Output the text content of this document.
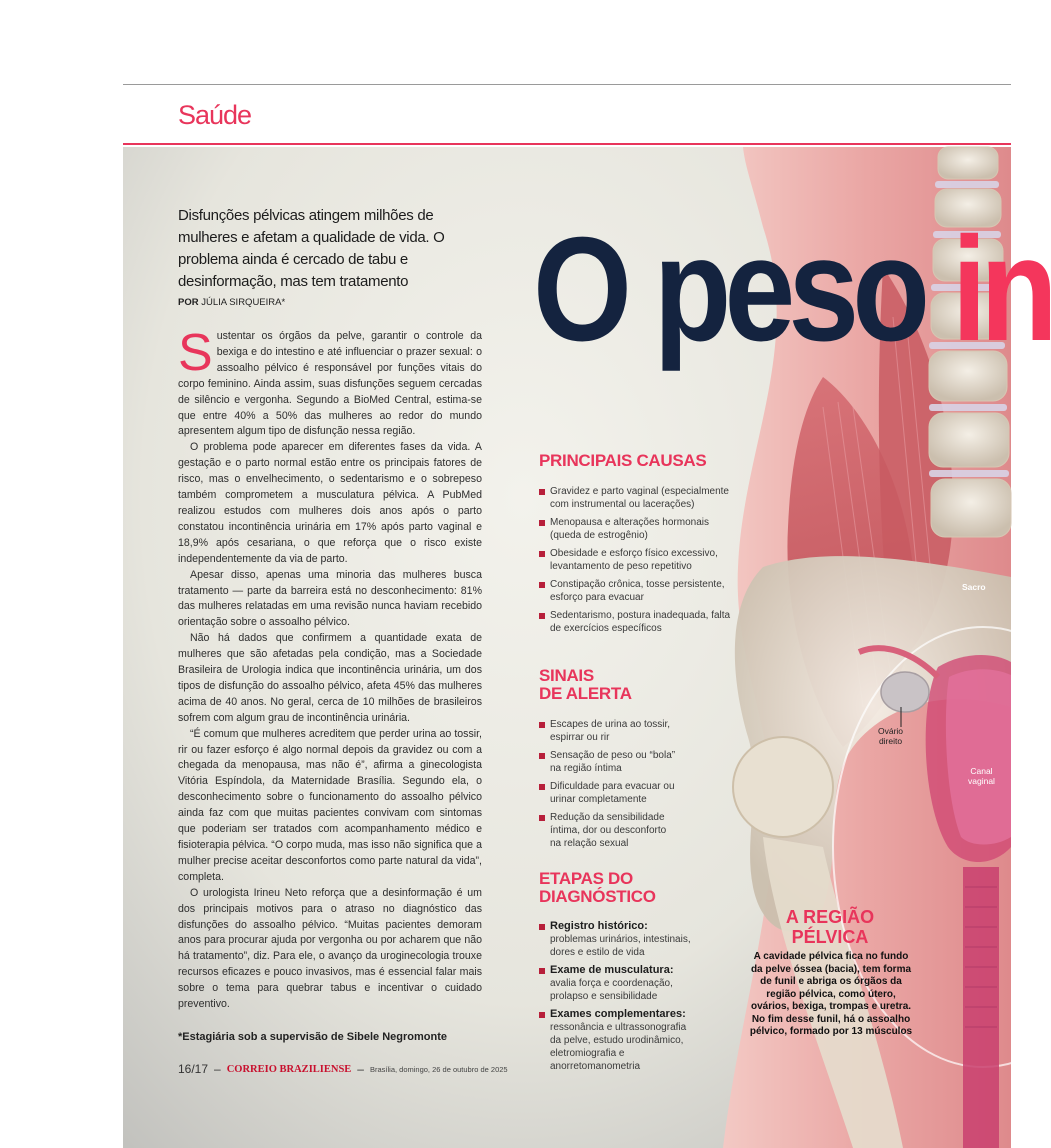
Saúde
Disfunções pélvicas atingem milhões de mulheres e afetam a qualidade de vida. O problema ainda é cercado de tabu e desinformação, mas tem tratamento
POR JÚLIA SIRQUEIRA*

Sustentar os órgãos da pelve, garantir o controle da bexiga e do intestino e até influenciar o prazer sexual: o assoalho pélvico é responsável por funções vitais do corpo feminino. Ainda assim, suas disfunções seguem cercadas de silêncio e vergonha. Segundo a BioMed Central, estima-se que entre 40% a 50% das mulheres ao redor do mundo apresentem algum tipo de disfunção nessa região.

O problema pode aparecer em diferentes fases da vida. A gestação e o parto normal estão entre os principais fatores de risco, mas o envelhecimento, o sedentarismo e o sobrepeso também comprometem a musculatura pélvica. A PubMed realizou estudos com mulheres dois anos após o parto constatou incontinência urinária em 17% após parto vaginal e 18,9% após cesariana, o que reforça que o risco existe independentemente da via de parto.

Apesar disso, apenas uma minoria das mulheres busca tratamento — parte da barreira está no desconhecimento: 81% das mulheres relatadas em uma revisão nunca haviam recebido orientação sobre o assoalho pélvico.

Não há dados que confirmem a quantidade exata de mulheres que são afetadas pela condição, mas a Sociedade Brasileira de Urologia indica que incontinência urinária, um dos tipos de disfunção do assoalho pélvico, afeta 45% das mulheres acima de 40 anos. No geral, cerca de 10 milhões de brasileiros sofrem com algum grau de incontinência urinária.

“É comum que mulheres acreditem que perder urina ao tossir, rir ou fazer esforço é algo normal depois da gravidez ou com a chegada da menopausa, mas não é”, afirma a ginecologista Vitória Espíndola, da Maternidade Brasília. Segundo ela, o desconhecimento sobre o funcionamento do assoalho pélvico ainda faz com que muitas pacientes convivam com sintomas que poderiam ser tratados com acompanhamento médico e fisioterapia pélvica. “O corpo muda, mas isso não significa que a mulher precise aceitar desconfortos como parte natural da vida”, completa.

O urologista Irineu Neto reforça que a desinformação é um dos principais motivos para o atraso no diagnóstico das disfunções do assoalho pélvico. “Muitas pacientes demoram anos para procurar ajuda por vergonha ou por acharem que não há tratamento”, diz. Para ele, o avanço da uroginecologia trouxe recursos eficazes e pouco invasivos, mas é essencial falar mais sobre o tema para quebrar tabus e incentivar o cuidado preventivo.

*Estagiária sob a supervisão de Sibele Negromonte
16/17 – CORREIO BRAZILIENSE – Brasília, domingo, 26 de outubro de 2025
O peso in
PRINCIPAIS CAUSAS
Gravidez e parto vaginal (especialmente com instrumental ou lacerações)
Menopausa e alterações hormonais (queda de estrogênio)
Obesidade e esforço físico excessivo, levantamento de peso repetitivo
Constipação crônica, tosse persistente, esforço para evacuar
Sedentarismo, postura inadequada, falta de exercícios específicos
SINAIS
DE ALERTA
Escapes de urina ao tossir, espirrar ou rir
Sensação de peso ou “bola” na região íntima
Dificuldade para evacuar ou urinar completamente
Redução da sensibilidade íntima, dor ou desconforto na relação sexual
ETAPAS DO
DIAGNÓSTICO
Registro histórico:
problemas urinários, intestinais, dores e estilo de vida
Exame de musculatura:
avalia força e coordenação, prolapso e sensibilidade
Exames complementares:
ressonância e ultrassonografia da pelve, estudo urodinâmico, eletromiografia e anorretomanometria
A REGIÃO
PÉLVICA
A cavidade pélvica fica no fundo da pelve óssea (bacia), tem forma de funil e abriga os órgãos da região pélvica, como útero, ovários, bexiga, trompas e uretra. No fim desse funil, há o assoalho pélvico, formado por 13 músculos
Sacro
Ovário
direito
Canal
vaginal
